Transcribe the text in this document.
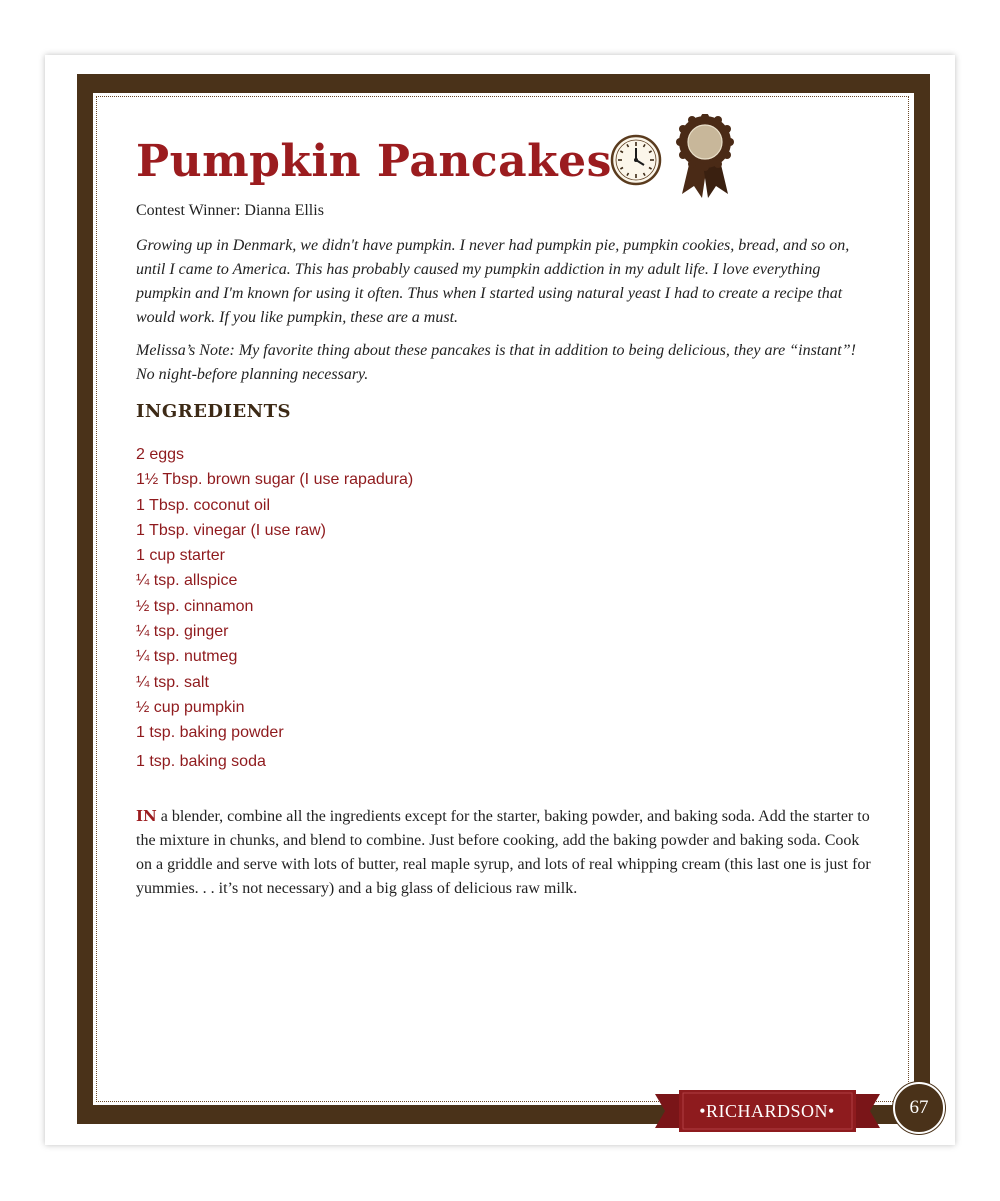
Pumpkin Pancakes

Contest Winner: Dianna Ellis

Growing up in Denmark, we didn't have pumpkin. I never had pumpkin pie, pumpkin cookies, bread, and so on, until I came to America. This has probably caused my pumpkin addiction in my adult life. I love everything pumpkin and I'm known for using it often. Thus when I started using natural yeast I had to create a recipe that would work. If you like pumpkin, these are a must.

Melissa’s Note: My favorite thing about these pancakes is that in addition to being delicious, they are “instant”! No night-before planning necessary.

INGREDIENTS
2 eggs
1½ Tbsp. brown sugar (I use rapadura)
1 Tbsp. coconut oil
1 Tbsp. vinegar (I use raw)
1 cup starter
¼ tsp. allspice
½ tsp. cinnamon
¼ tsp. ginger
¼ tsp. nutmeg
¼ tsp. salt
½ cup pumpkin
1 tsp. baking powder
1 tsp. baking soda

IN a blender, combine all the ingredients except for the starter, baking powder, and baking soda. Add the starter to the mixture in chunks, and blend to combine. Just before cooking, add the baking powder and baking soda. Cook on a griddle and serve with lots of butter, real maple syrup, and lots of real whipping cream (this last one is just for yummies. . . it’s not necessary) and a big glass of delicious raw milk.

•RICHARDSON•	67
